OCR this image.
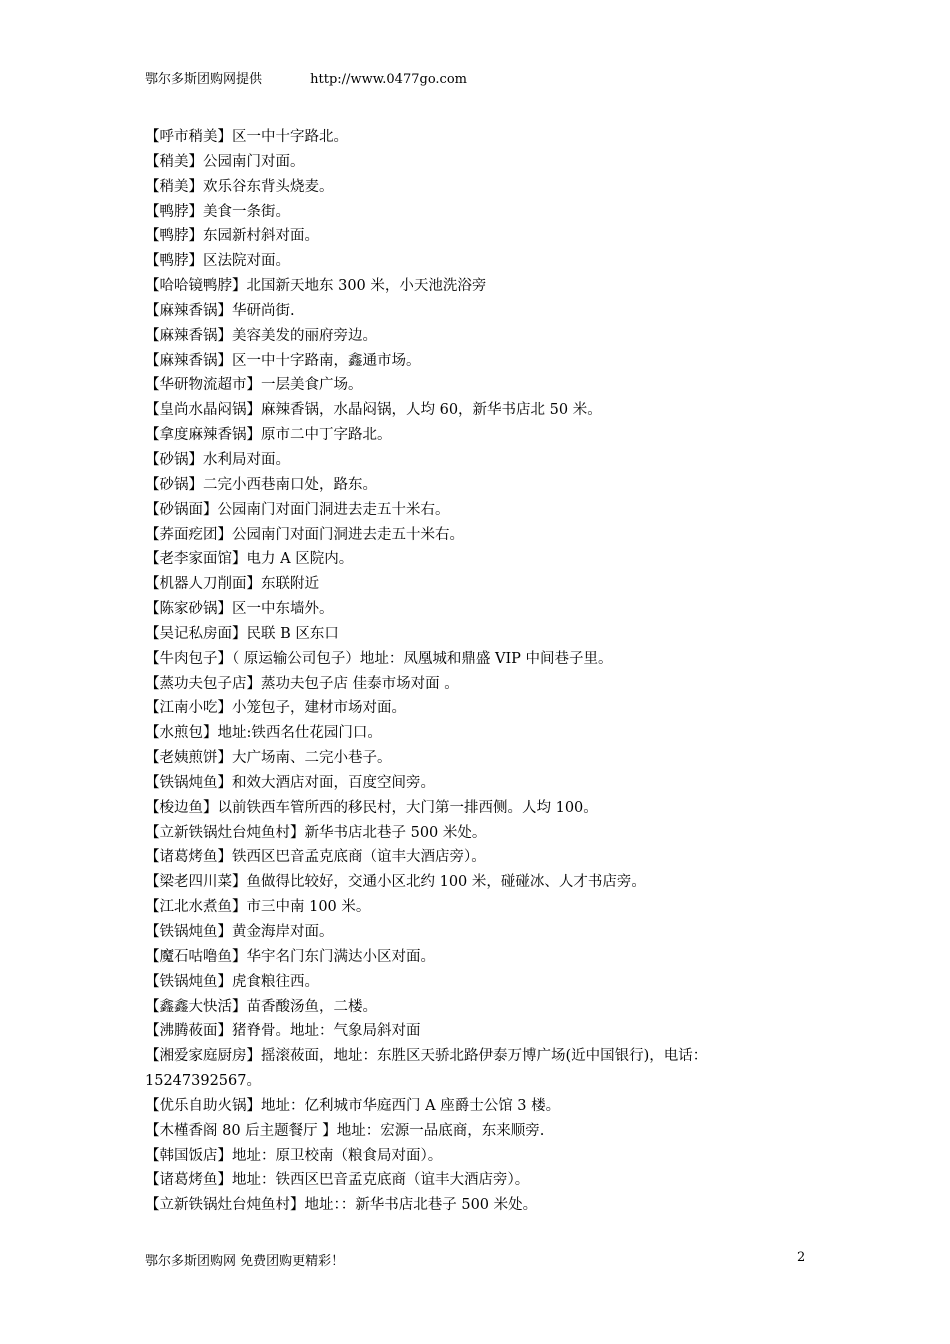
鄂尔多斯团购网提供	http://www.0477go.com
【呼市稍美】区一中十字路北。
【稍美】公园南门对面。
【稍美】欢乐谷东背头烧麦。
【鸭脖】美食一条街。
【鸭脖】东园新村斜对面。
【鸭脖】区法院对面。
【哈哈镜鸭脖】北国新天地东 300 米，小天池洗浴旁
【麻辣香锅】华研尚街.
【麻辣香锅】美容美发的丽府旁边。
【麻辣香锅】区一中十字路南，鑫通市场。
【华研物流超市】一层美食广场。
【皇尚水晶闷锅】麻辣香锅，水晶闷锅，人均 60，新华书店北 50 米。
【拿度麻辣香锅】原市二中丁字路北。
【砂锅】水利局对面。
【砂锅】二完小西巷南口处，路东。
【砂锅面】公园南门对面门洞进去走五十米右。
【荞面疙团】公园南门对面门洞进去走五十米右。
【老李家面馆】电力 A 区院内。
【机器人刀削面】东联附近
【陈家砂锅】区一中东墙外。
【吴记私房面】民联 B 区东口
【牛肉包子】（ 原运输公司包子）地址：凤凰城和鼎盛 VIP 中间巷子里。
【蒸功夫包子店】蒸功夫包子店 佳泰市场对面 。
【江南小吃】小笼包子，建材市场对面。
【水煎包】地址:铁西名仕花园门口。
【老姨煎饼】大广场南、二完小巷子。
【铁锅炖鱼】和效大酒店对面，百度空间旁。
【梭边鱼】以前铁西车管所西的移民村，大门第一排西侧。人均 100。
【立新铁锅灶台炖鱼村】新华书店北巷子 500 米处。
【诸葛烤鱼】铁西区巴音孟克底商（谊丰大酒店旁）。
【梁老四川菜】鱼做得比较好，交通小区北约 100 米，碰碰冰、人才书店旁。
【江北水煮鱼】市三中南 100 米。
【铁锅炖鱼】黄金海岸对面。
【魔石咕噜鱼】华宇名门东门满达小区对面。
【铁锅炖鱼】虎食粮往西。
【鑫鑫大快活】苗香酸汤鱼，二楼。
【沸腾莜面】猪脊骨。地址：气象局斜对面
【湘爱家庭厨房】摇滚莜面，地址：东胜区天骄北路伊泰万博广场(近中国银行)，电话：
15247392567。
【优乐自助火锅】地址：亿利城市华庭西门 A 座爵士公馆 3 楼。
【木槿香阁 80 后主题餐厅 】地址：宏源一品底商，东来顺旁.
【韩国饭店】地址：原卫校南（粮食局对面）。
【诸葛烤鱼】地址：铁西区巴音孟克底商（谊丰大酒店旁）。
【立新铁锅灶台炖鱼村】地址：：新华书店北巷子 500 米处。
鄂尔多斯团购网 免费团购更精彩！	2
